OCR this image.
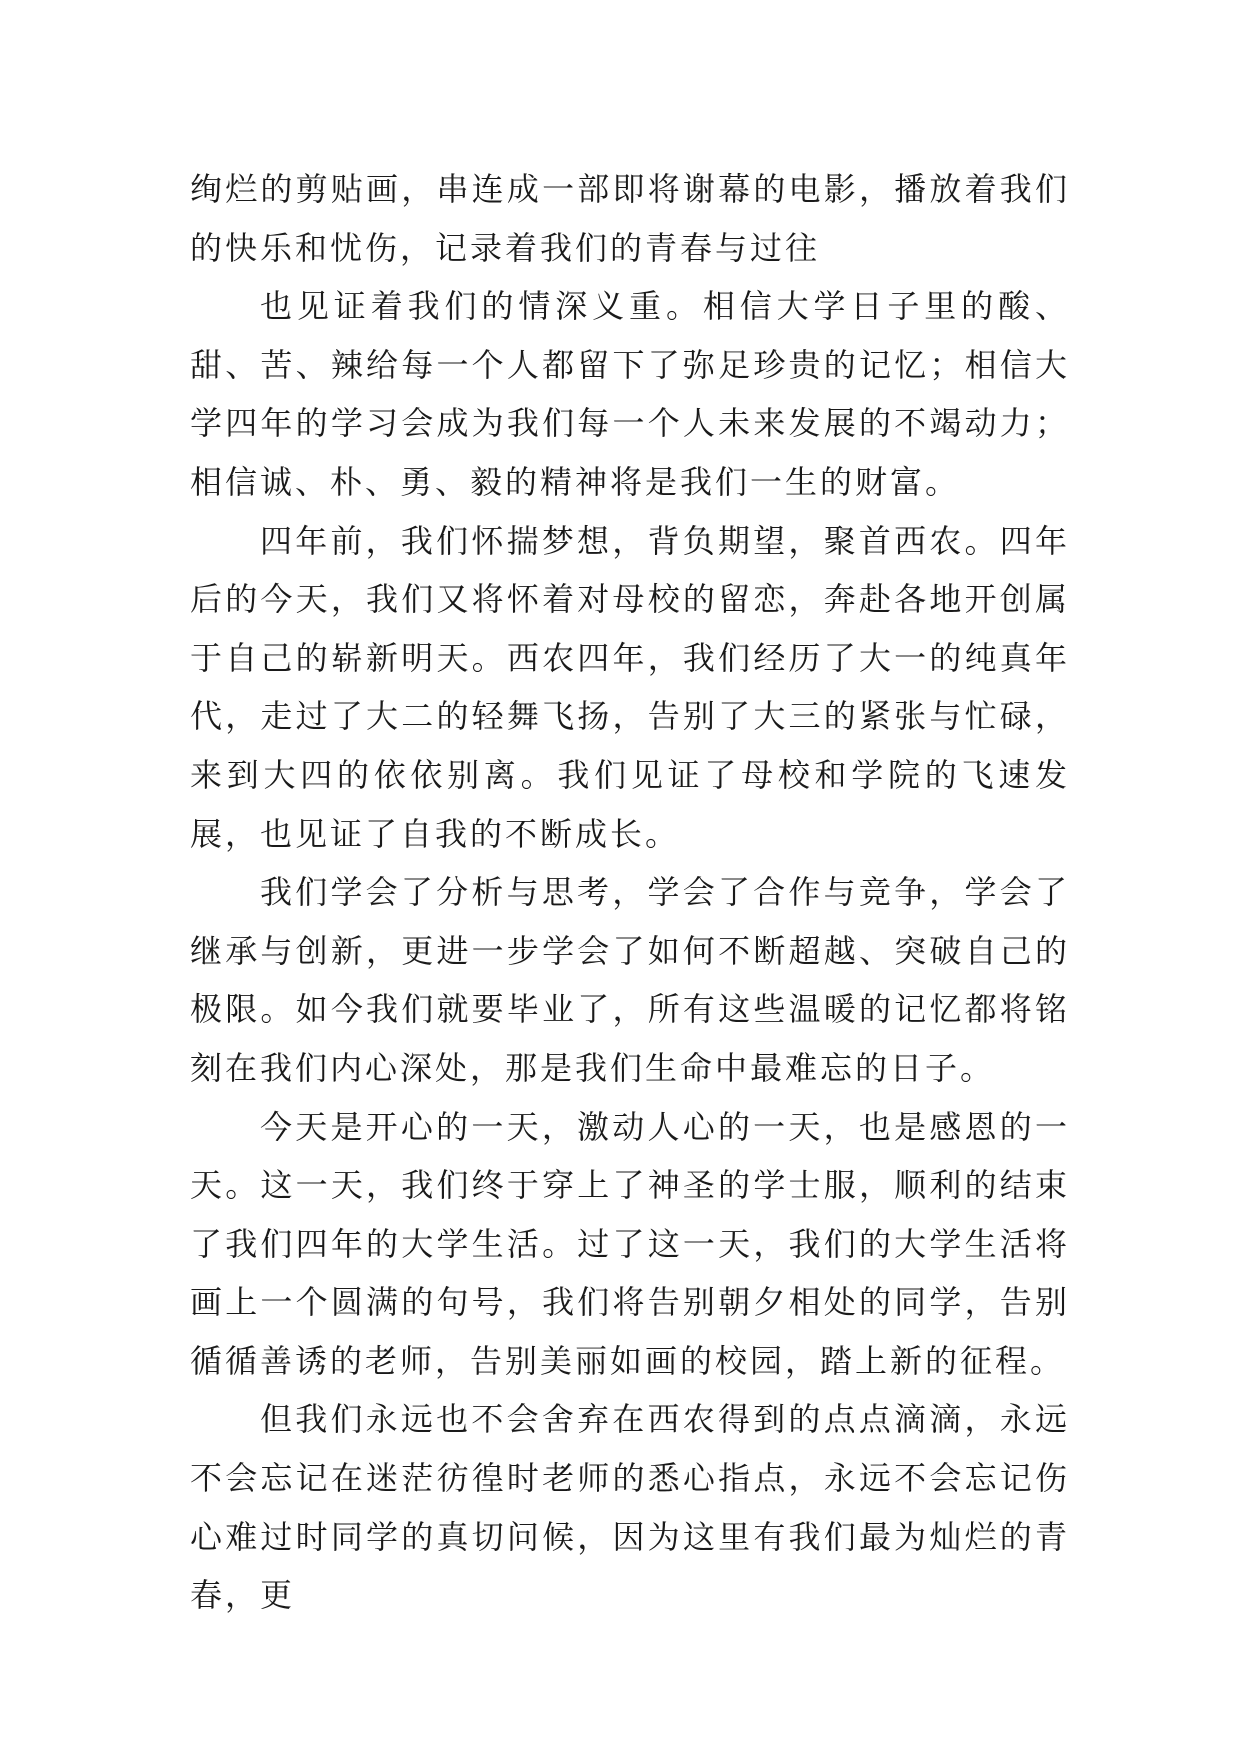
绚烂的剪贴画，串连成一部即将谢幕的电影，播放着我们的快乐和忧伤，记录着我们的青春与过往

也见证着我们的情深义重。相信大学日子里的酸、甜、苦、辣给每一个人都留下了弥足珍贵的记忆；相信大学四年的学习会成为我们每一个人未来发展的不竭动力；相信诚、朴、勇、毅的精神将是我们一生的财富。

四年前，我们怀揣梦想，背负期望，聚首西农。四年后的今天，我们又将怀着对母校的留恋，奔赴各地开创属于自己的崭新明天。西农四年，我们经历了大一的纯真年代，走过了大二的轻舞飞扬，告别了大三的紧张与忙碌，来到大四的依依别离。我们见证了母校和学院的飞速发展，也见证了自我的不断成长。

我们学会了分析与思考，学会了合作与竞争，学会了继承与创新，更进一步学会了如何不断超越、突破自己的极限。如今我们就要毕业了，所有这些温暖的记忆都将铭刻在我们内心深处，那是我们生命中最难忘的日子。

今天是开心的一天，激动人心的一天，也是感恩的一天。这一天，我们终于穿上了神圣的学士服，顺利的结束了我们四年的大学生活。过了这一天，我们的大学生活将画上一个圆满的句号，我们将告别朝夕相处的同学，告别循循善诱的老师，告别美丽如画的校园，踏上新的征程。

但我们永远也不会舍弃在西农得到的点点滴滴，永远不会忘记在迷茫彷徨时老师的悉心指点，永远不会忘记伤心难过时同学的真切问候，因为这里有我们最为灿烂的青春，更
